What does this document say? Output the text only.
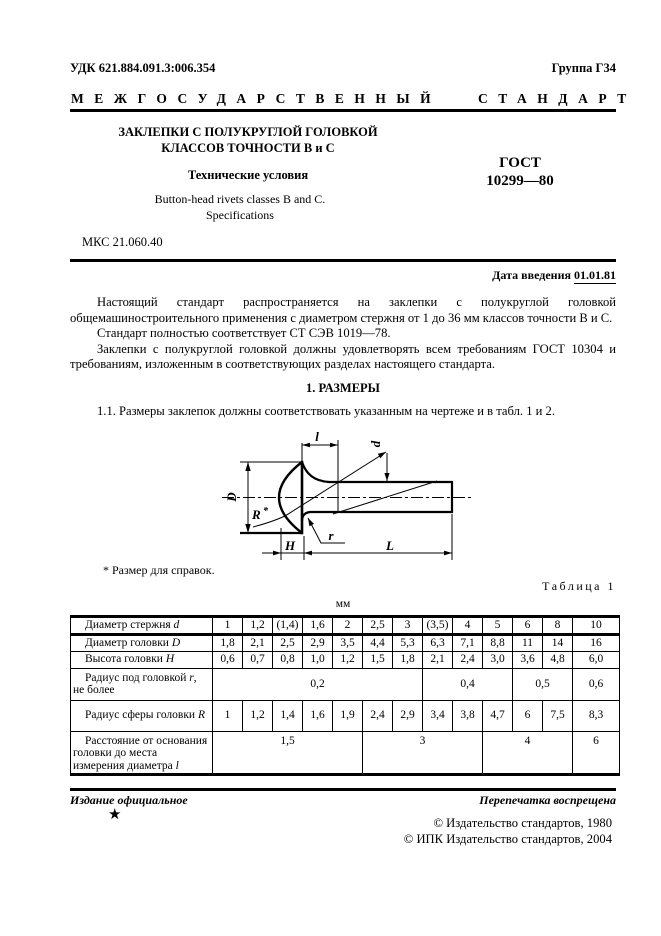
УДК 621.884.091.3:006.354	Группа Г34
МЕЖГОСУДАРСТВЕННЫЙ СТАНДАРТ
ЗАКЛЕПКИ С ПОЛУКРУГЛОЙ ГОЛОВКОЙ
КЛАССОВ ТОЧНОСТИ В и С
ГОСТ
10299—80
Технические условия
Button-head rivets classes B and C.
Specifications
МКС 21.060.40
Дата введения 01.01.81

Настоящий стандарт распространяется на заклепки с полукруглой головкой общемашиностроительного применения с диаметром стержня от 1 до 36 мм классов точности В и С.

Стандарт полностью соответствует СТ СЭВ 1019—78.

Заклепки с полукруглой головкой должны удовлетворять всем требованиям ГОСТ 10304 и требованиям, изложенным в соответствующих разделах настоящего стандарта.

1. РАЗМЕРЫ
1.1. Размеры заклепок должны соответствовать указанным на чертеже и в табл. 1 и 2.
l	d
D
R *
H
r
L
* Размер для справок.
Таблица 1
мм
Диаметр стержня d	1	1,2	(1,4)	1,6	2	2,5	3	(3,5)	4	5	6	8	10
Диаметр головки D	1,8	2,1	2,5	2,9	3,5	4,4	5,3	6,3	7,1	8,8	11	14	16
Высота головки H	0,6	0,7	0,8	1,0	1,2	1,5	1,8	2,1	2,4	3,0	3,6	4,8	6,0
Радиус под головкой r, не более	0,2							0,4			0,5		0,6
Радиус сферы головки R	1	1,2	1,4	1,6	1,9	2,4	2,9	3,4	3,8	4,7	6	7,5	8,3
Расстояние от основания головки до места измерения диаметра l	1,5					3				4			6
Издание официальное	Перепечатка воспрещена
★	© Издательство стандартов, 1980
© ИПК Издательство стандартов, 2004
